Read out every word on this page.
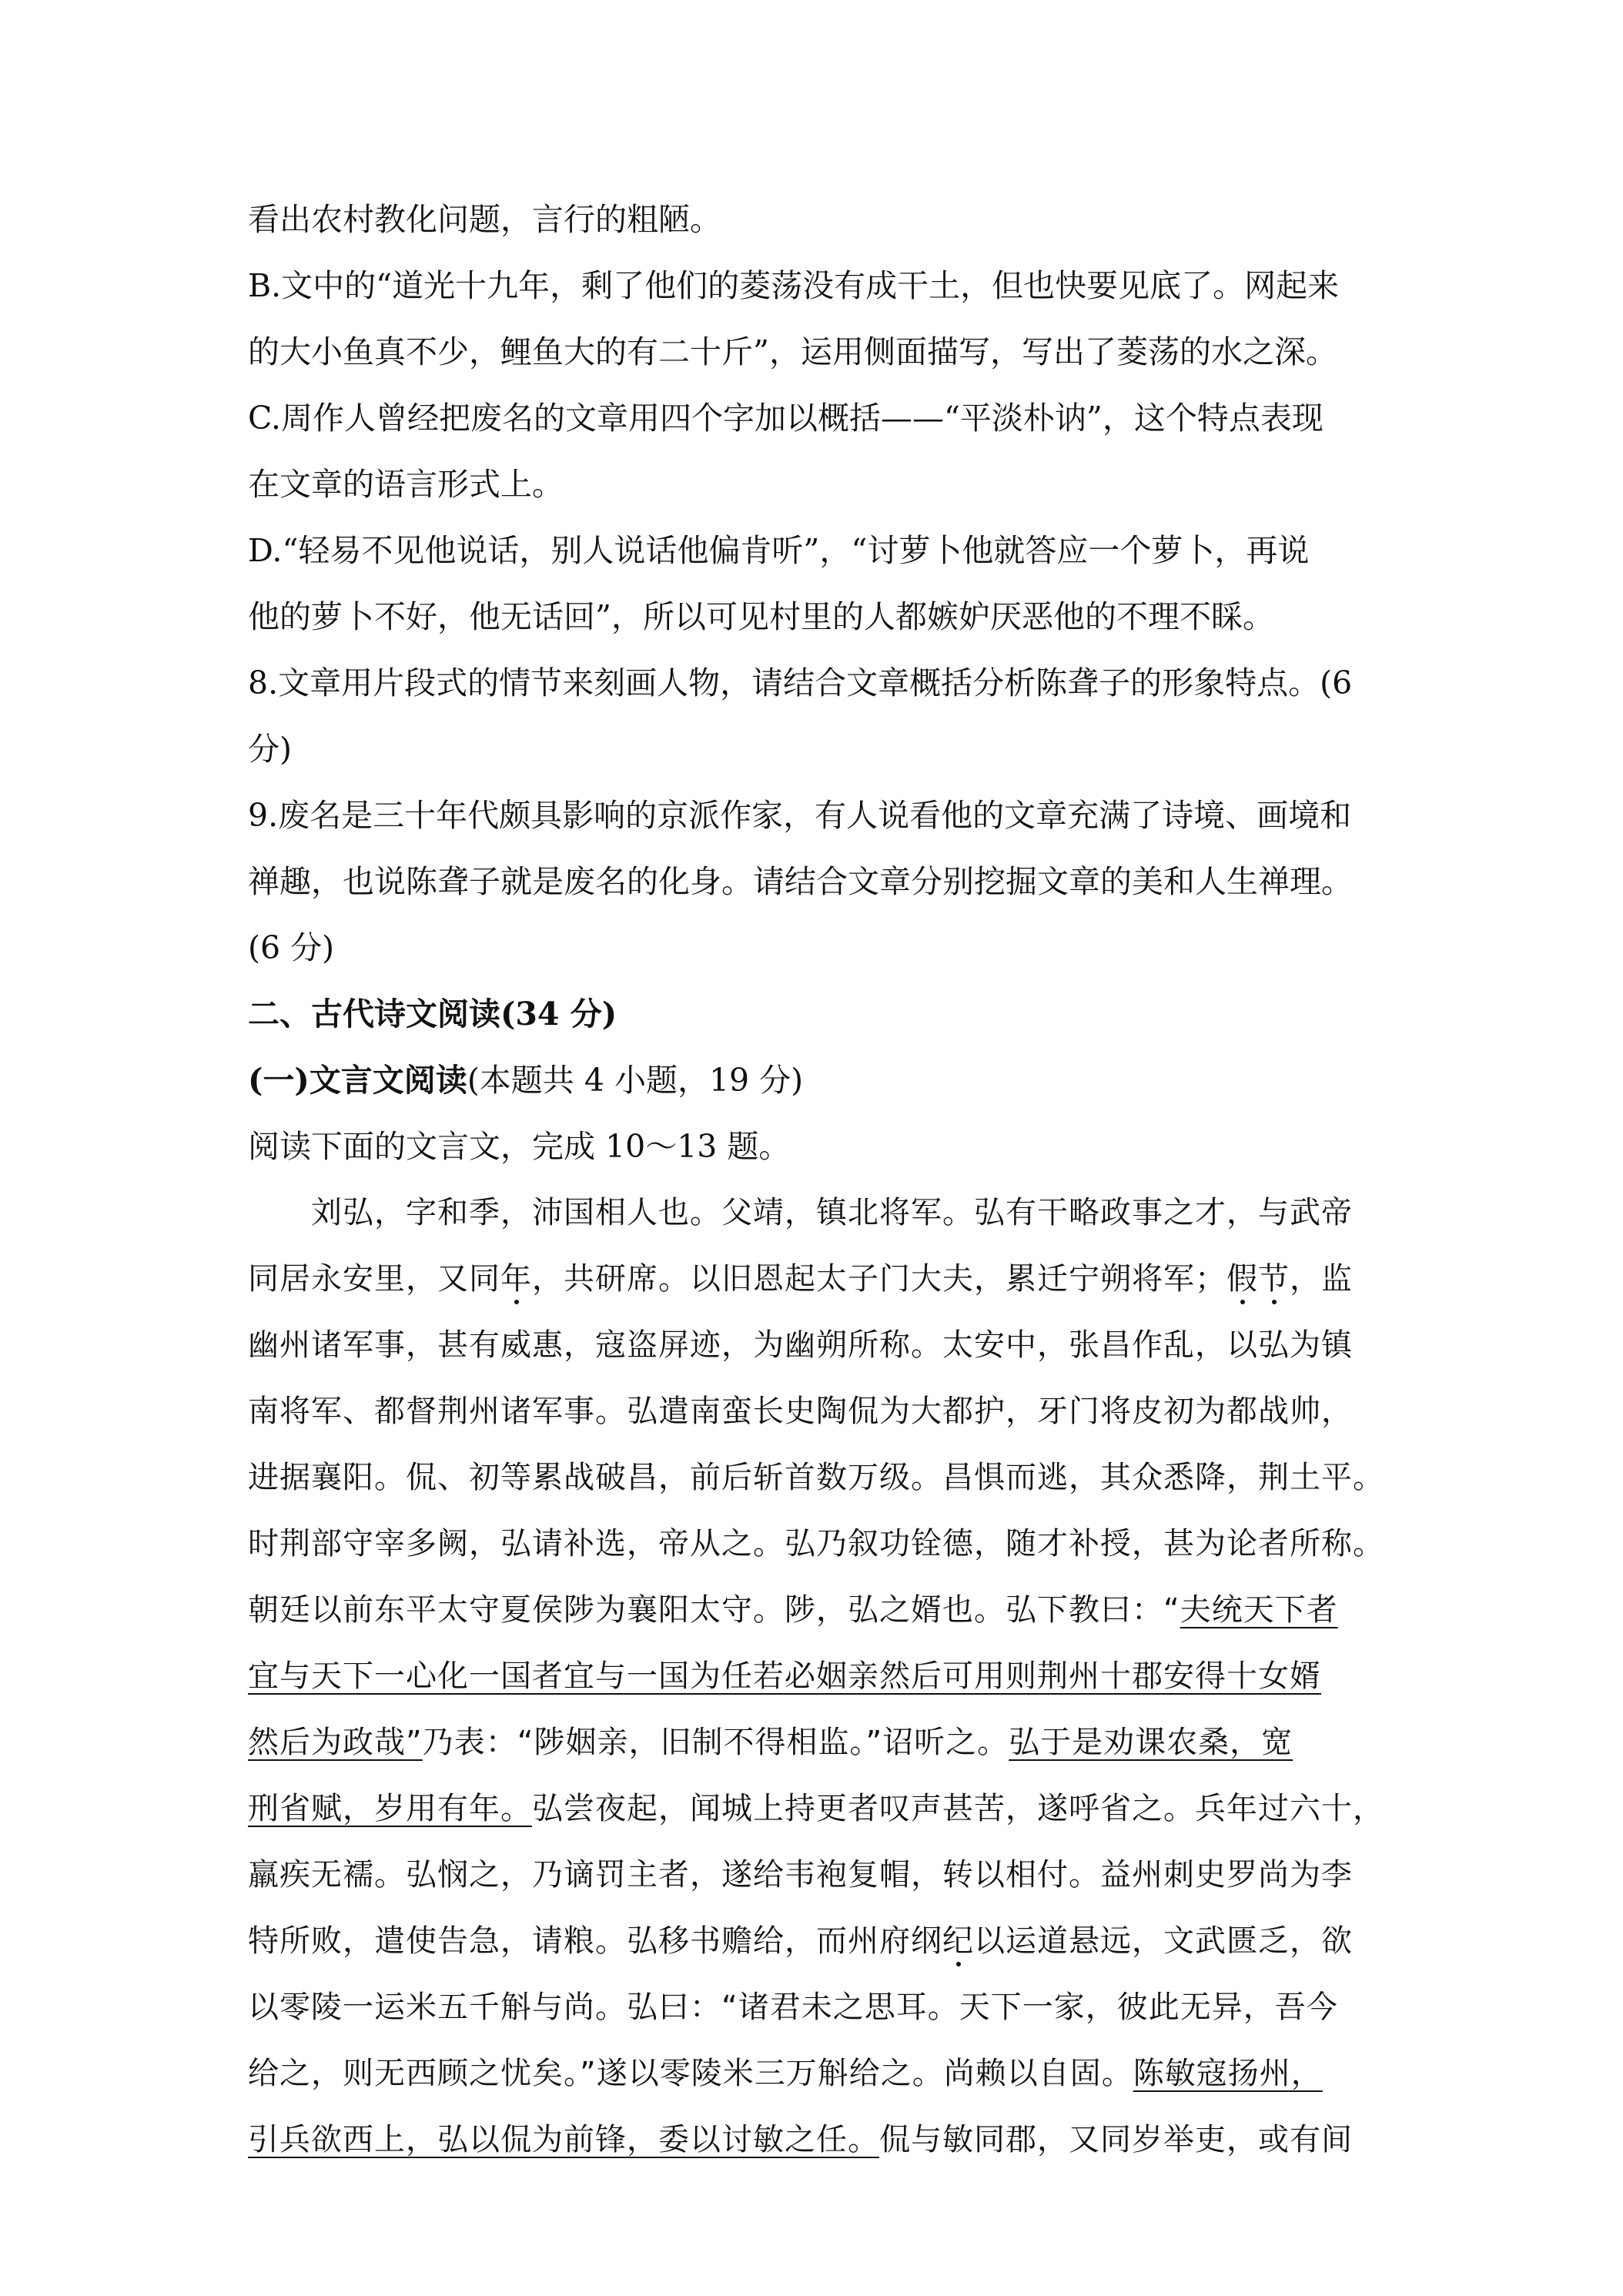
看出农村教化问题，言行的粗陋。
B.文中的“道光十九年，剩了他们的菱荡没有成干土，但也快要见底了。网起来
的大小鱼真不少，鲤鱼大的有二十斤”，运用侧面描写，写出了菱荡的水之深。
C.周作人曾经把废名的文章用四个字加以概括——“平淡朴讷”，这个特点表现
在文章的语言形式上。
D.“轻易不见他说话，别人说话他偏肯听”，“讨萝卜他就答应一个萝卜，再说
他的萝卜不好，他无话回”，所以可见村里的人都嫉妒厌恶他的不理不睬。
8.文章用片段式的情节来刻画人物，请结合文章概括分析陈聋子的形象特点。(6
分)
9.废名是三十年代颇具影响的京派作家，有人说看他的文章充满了诗境、画境和
禅趣，也说陈聋子就是废名的化身。请结合文章分别挖掘文章的美和人生禅理。
(6 分)
二、古代诗文阅读(34 分)
(一)文言文阅读(本题共 4 小题，19 分)
阅读下面的文言文，完成 10～13 题。
刘弘，字和季，沛国相人也。父靖，镇北将军。弘有干略政事之才，与武帝
同居永安里，又同年，共研席。以旧恩起太子门大夫，累迁宁朔将军；假节，监
幽州诸军事，甚有威惠，寇盗屏迹，为幽朔所称。太安中，张昌作乱，以弘为镇
南将军、都督荆州诸军事。弘遣南蛮长史陶侃为大都护，牙门将皮初为都战帅，
进据襄阳。侃、初等累战破昌，前后斩首数万级。昌惧而逃，其众悉降，荆土平。
时荆部守宰多阙，弘请补选，帝从之。弘乃叙功铨德，随才补授，甚为论者所称。
朝廷以前东平太守夏侯陟为襄阳太守。陟，弘之婿也。弘下教曰：“夫统天下者
宜与天下一心化一国者宜与一国为任若必姻亲然后可用则荆州十郡安得十女婿
然后为政哉”乃表：“陟姻亲，旧制不得相监。”诏听之。弘于是劝课农桑，宽
刑省赋，岁用有年。弘尝夜起，闻城上持更者叹声甚苦，遂呼省之。兵年过六十，
羸疾无襦。弘悯之，乃谪罚主者，遂给韦袍复帽，转以相付。益州刺史罗尚为李
特所败，遣使告急，请粮。弘移书赡给，而州府纲纪以运道悬远，文武匮乏，欲
以零陵一运米五千斛与尚。弘曰：“诸君未之思耳。天下一家，彼此无异，吾今
给之，则无西顾之忧矣。”遂以零陵米三万斛给之。尚赖以自固。陈敏寇扬州，
引兵欲西上，弘以侃为前锋，委以讨敏之任。侃与敏同郡，又同岁举吏，或有间
